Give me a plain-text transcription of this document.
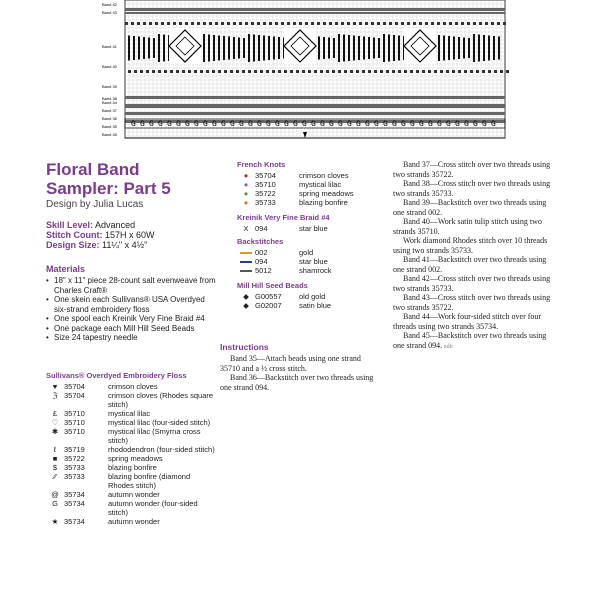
Band 42
Band 43
Band 41
Band 40
Band 39
Band 38
Band 37
Band 36
Band 35
Band 44
Band 45
G G G G G G G G G G G G G G G G G G G G G G G G G G G G G G G G G G G G G G G G G
Floral Band
Sampler: Part 5
Design by Julia Lucas
Skill Level: Advanced
Stitch Count: 157H x 60W
Design Size: 11¼" x 4½"
Materials
• 18" x 11" piece 28-count salt evenweave from Charles Craft®
• One skein each Sullivans® USA Overdyed six-strand embroidery floss
• One spool each Kreinik Very Fine Braid #4
• One package each Mill Hill Seed Beads
• Size 24 tapestry needle
Sullivans® Overdyed Embroidery Floss
♥ 35704	crimson cloves
ℨ 35704	crimson cloves (Rhodes square stitch)
£ 35710	mystical lilac
♡ 35710	mystical lilac (four-sided stitch)
✱ 35710	mystical lilac (Smyrna cross stitch)
ℓ	35719	rhododendron (four-sided stitch)
■ 35722	spring meadows
$ 35733	blazing bonfire
⁄⁄	35733	blazing bonfire (diamond Rhodes stitch)
@ 35734	autumn wonder
G 35734	autumn wonder (four-sided stitch)
★ 35734	autumn wonder
French Knots
● 35704	crimson cloves
● 35710	mystical lilac
● 35722	spring meadows
● 35733	blazing bonfire
Kreinik Very Fine Braid #4
X 094	star blue
Backstitches
002	gold
094	star blue
5012	shamrock
Mill Hill Seed Beads
◆ G00557	old gold
◆ G02007	satin blue
Instructions

Band 35—Attach beads using one strand 35710 and a ½ cross stitch.

Band 36—Backstitch over two threads using one strand 094.

Band 37—Cross stitch over two threads using two strands 35722.

Band 38—Cross stitch over two threads using two strands 35733.

Band 39—Backstitch over two threads using one strand 002.

Band 40—Work satin tulip stitch using two strands 35710.

Work diamond Rhodes stitch over 10 threads using two strands 35733.

Band 41—Backstitch over two threads using one strand 002.

Band 42—Cross stitch over two threads using two strands 35733.

Band 43—Cross stitch over two threads using two strands 35722.

Band 44—Work four-sided stitch over four threads using two strands 35734.

Band 45—Backstitch over two threads using one strand 094. ndb
